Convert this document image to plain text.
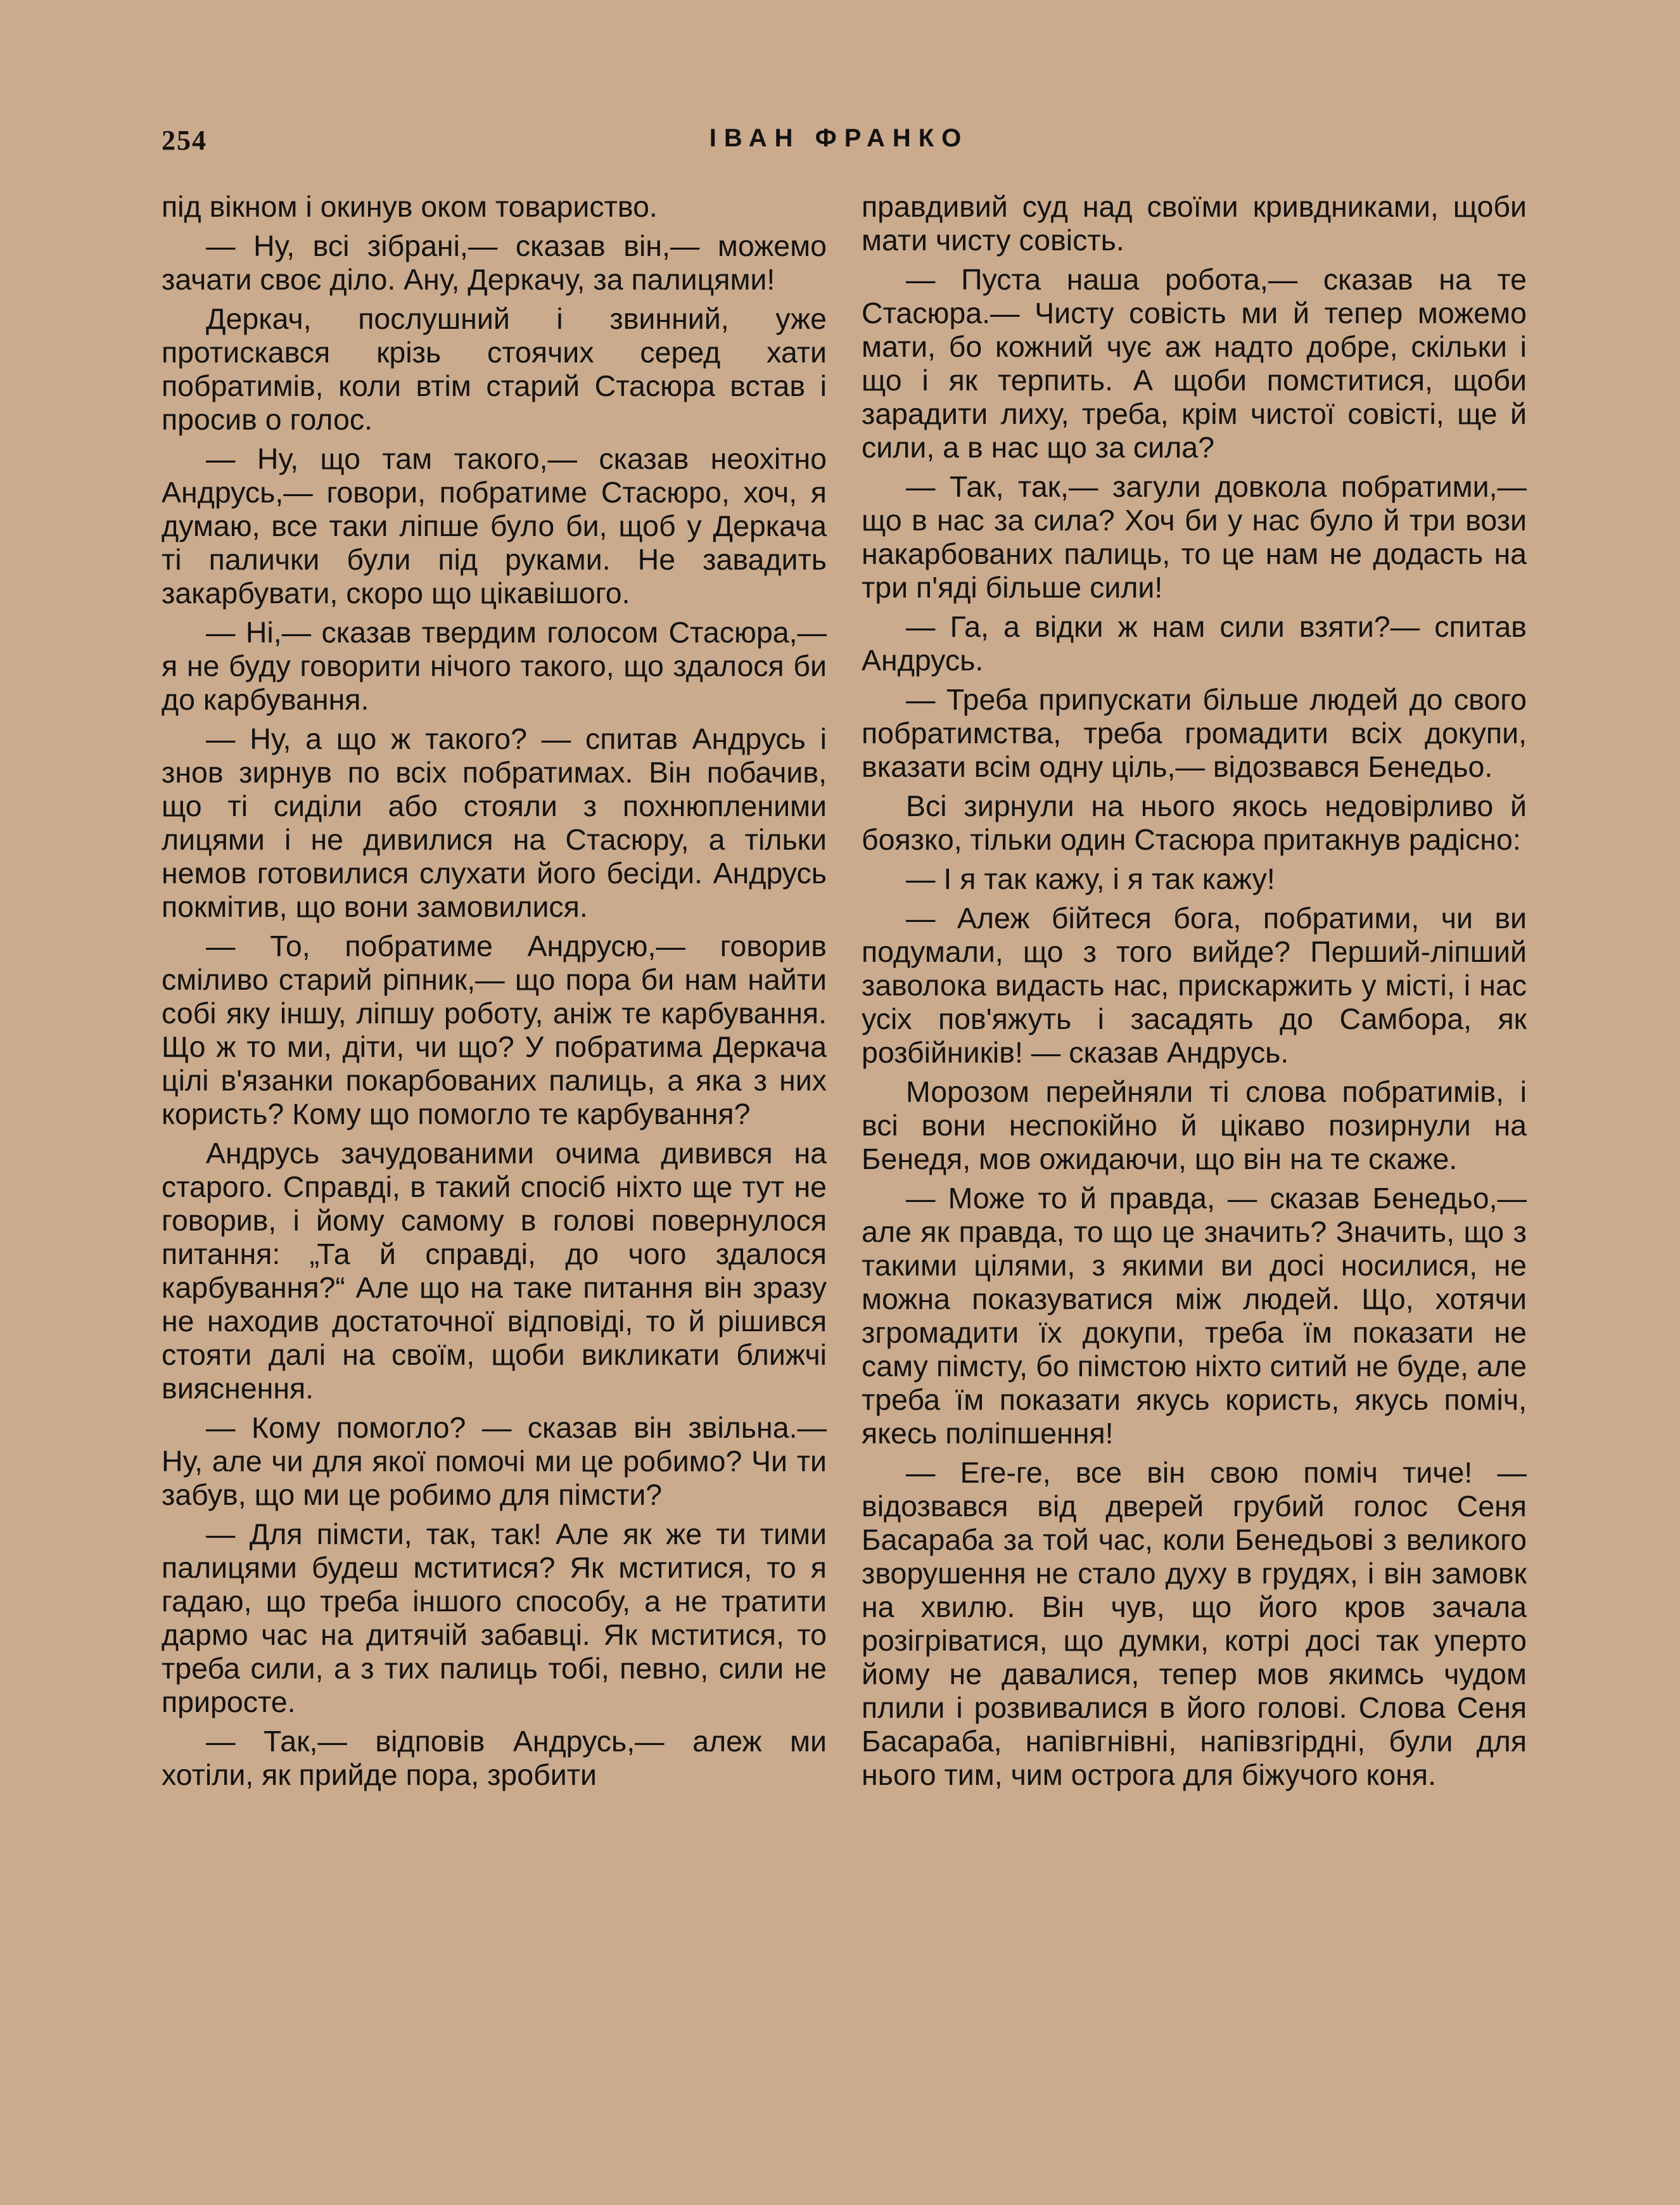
254	ІВАН ФРАНКО

під вікном і окинув оком товариство.

— Ну, всі зібрані,— сказав він,— можемо зачати своє діло. Ану, Деркачу, за палицями!

Деркач, послушний і звинний, уже протискався крізь стоячих серед хати побратимів, коли втім старий Стасюра встав і просив о голос.

— Ну, що там такого,— сказав неохітно Андрусь,— говори, побратиме Стасюро, хоч, я думаю, все таки ліпше було би, щоб у Деркача ті палички були під руками. Не завадить закарбувати, скоро що цікавішого.

— Ні,— сказав твердим голосом Стасюра,— я не буду говорити нічого такого, що здалося би до карбування.

— Ну, а що ж такого? — спитав Андрусь і знов зирнув по всіх побратимах. Він побачив, що ті сиділи або стояли з похнюпленими лицями і не дивилися на Стасюру, а тільки немов готовилися слухати його бесіди. Андрусь покмітив, що вони замовилися.

— То, побратиме Андрусю,— говорив сміливо старий ріпник,— що пора би нам найти собі яку іншу, ліпшу роботу, аніж те карбування. Що ж то ми, діти, чи що? У побратима Деркача цілі в'язанки покарбованих палиць, а яка з них користь? Кому що помогло те карбування?

Андрусь зачудованими очима дивився на старого. Справді, в такий спосіб ніхто ще тут не говорив, і йому самому в голові повернулося питання: „Та й справді, до чого здалося карбування?“ Але що на таке питання він зразу не находив достаточної відповіді, то й рішився стояти далі на своїм, щоби викликати ближчі вияснення.

— Кому помогло? — сказав він звільна.— Ну, але чи для якої помочі ми це робимо? Чи ти забув, що ми це робимо для пімсти?

— Для пімсти, так, так! Але як же ти тими палицями будеш мститися? Як мститися, то я гадаю, що треба іншого способу, а не тратити дармо час на дитячій забавці. Як мститися, то треба сили, а з тих палиць тобі, певно, сили не приросте.

— Так,— відповів Андрусь,— алеж ми хотіли, як прийде пора, зробити

правдивий суд над своїми кривдниками, щоби мати чисту совість.

— Пуста наша робота,— сказав на те Стасюра.— Чисту совість ми й тепер можемо мати, бо кожний чує аж надто добре, скільки і що і як терпить. А щоби помститися, щоби зарадити лиху, треба, крім чистої совісті, ще й сили, а в нас що за сила?

— Так, так,— загули довкола побратими,— що в нас за сила? Хоч би у нас було й три вози накарбованих палиць, то це нам не додасть на три п'яді більше сили!

— Га, а відки ж нам сили взяти?— спитав Андрусь.

— Треба припускати більше людей до свого побратимства, треба громадити всіх докупи, вказати всім одну ціль,— відозвався Бенедьо.

Всі зирнули на нього якось недовірливо й боязко, тільки один Стасюра притакнув радісно:

— І я так кажу, і я так кажу!

— Алеж бійтеся бога, побратими, чи ви подумали, що з того вийде? Перший-ліпший заволока видасть нас, прискаржить у місті, і нас усіх пов'яжуть і засадять до Самбора, як розбійників! — сказав Андрусь.

Морозом перейняли ті слова побратимів, і всі вони неспокійно й цікаво позирнули на Бенедя, мов ожидаючи, що він на те скаже.

— Може то й правда, — сказав Бенедьо,— але як правда, то що це значить? Значить, що з такими цілями, з якими ви досі носилися, не можна показуватися між людей. Що, хотячи згромадити їх докупи, треба їм показати не саму пімсту, бо пімстою ніхто ситий не буде, але треба їм показати якусь користь, якусь поміч, якесь поліпшення!

— Еге-ге, все він свою поміч тиче! — відозвався від дверей грубий голос Сеня Басараба за той час, коли Бенедьові з великого зворушення не стало духу в грудях, і він замовк на хвилю. Він чув, що його кров зачала розігріватися, що думки, котрі досі так уперто йому не давалися, тепер мов якимсь чудом плили і розвивалися в його голові. Слова Сеня Басараба, напівгнівні, напівзгірдні, були для нього тим, чим острога для біжучого коня.
